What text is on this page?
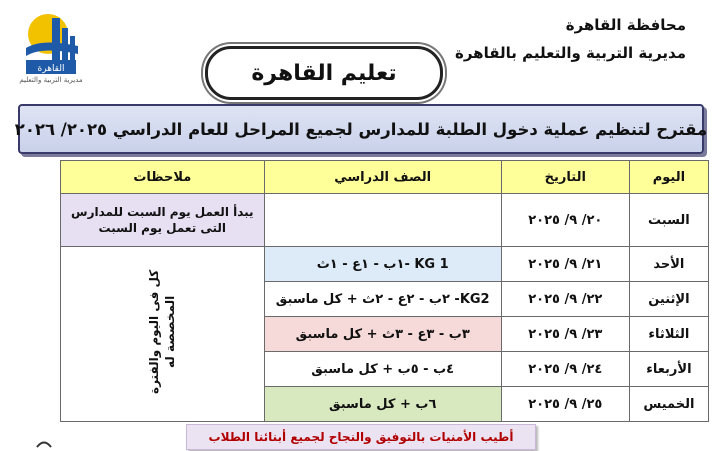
القاهرة
مديرية التربية والتعليم
محافظة القاهرة
مديرية التربية والتعليم بالقاهرة
تعليم القاهرة
مقترح لتنظيم عملية دخول الطلبة للمدارس لجميع المراحل للعام الدراسي ٢٠٢٥/ ٢٠٢٦
اليوم	التاريخ	الصف الدراسي	ملاحظات
السبت	٢٠/ ٩/ ٢٠٢٥		يبدأ العمل يوم السبت للمدارس التى تعمل يوم السبت
الأحد	٢١/ ٩/ ٢٠٢٥	KG 1 -١ب - ١ع - ١ث	كل فى اليوم والفترة المخصصة له
الإثنين	٢٢/ ٩/ ٢٠٢٥	KG2- ٢ب - ٢ع - ٢ث + كل ماسبق	
الثلاثاء	٢٣/ ٩/ ٢٠٢٥	٣ب - ٣ع - ٣ث + كل ماسبق	
الأربعاء	٢٤/ ٩/ ٢٠٢٥	٤ب - ٥ب + كل ماسبق	
الخميس	٢٥/ ٩/ ٢٠٢٥	٦ب + كل ماسبق	
أطيب الأمنيات بالتوفيق والنجاح لجميع أبنائنا الطلاب
